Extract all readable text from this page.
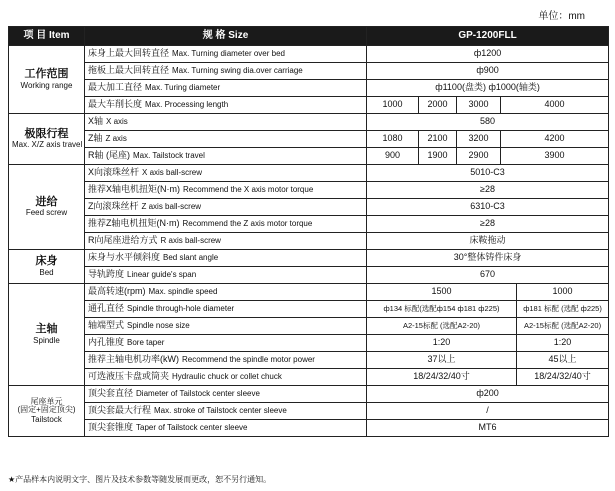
单位：mm
项 目 Item	规 格 Size	GP-1200FLL					

工作范围
Working range	床身上最大回转直径 Max. Turning diameter over bed	ф1200					
	拖板上最大回转直径 Max. Turning swing dia.over carriage	ф900					
	最大加工直径 Max. Turing diameter	ф1100(盘类) ф1000(轴类)					
	最大车削长度 Max. Processing length	1000	2000	3000	4000	

极限行程
Max. X/Z axis travel	X轴 X axis	580					
	Z轴 Z axis	1080	2100	3200	4200	
	R轴 (尾座) Max. Tailstock travel	900	1900	2900	3900	

进给
Feed screw	X向滚珠丝杆 X axis ball-screw	5010-C3					
	推荐X轴电机扭矩(N·m) Recommend the X axis motor torque	≥28					
	Z向滚珠丝杆 Z axis ball-screw	6310-C3					
	推荐Z轴电机扭矩(N·m) Recommend the Z axis motor torque	≥28					
	R向尾座进给方式 R axis ball-screw	床鞍拖动					

床身
Bed	床身与水平倾斜度 Bed slant angle	30°整体铸件床身					
	导轨跨度 Linear guide's span	670					

主轴
Spindle	最高转速(rpm) Max. spindle speed	1500				1000	
	通孔直径 Spindle through-hole diameter	ф134 标配(选配ф154 ф181 ф225)				ф181 标配 (选配 ф225)	
	轴端型式 Spindle nose size	A2-15标配 (选配A2-20)				A2-15标配 (选配A2-20)	
	内孔锥度 Bore taper	1:20				1:20	
	推荐主轴电机功率(kW) Recommend the spindle motor power	37以上				45以上	
	可选液压卡盘或筒夹 Hydraulic chuck or collet chuck	18/24/32/40寸				18/24/32/40寸	

尾座单元
(固定+固定顶尖)
Tailstock	顶尖套直径 Diameter of Tailstock center sleeve	ф200					
	顶尖套最大行程 Max. stroke of Tailstock center sleeve	/					
	顶尖套锥度 Taper of Tailstock center sleeve	MT6					
★产品样本内说明文字、图片及技术参数等随发展而更改，恕不另行通知。
